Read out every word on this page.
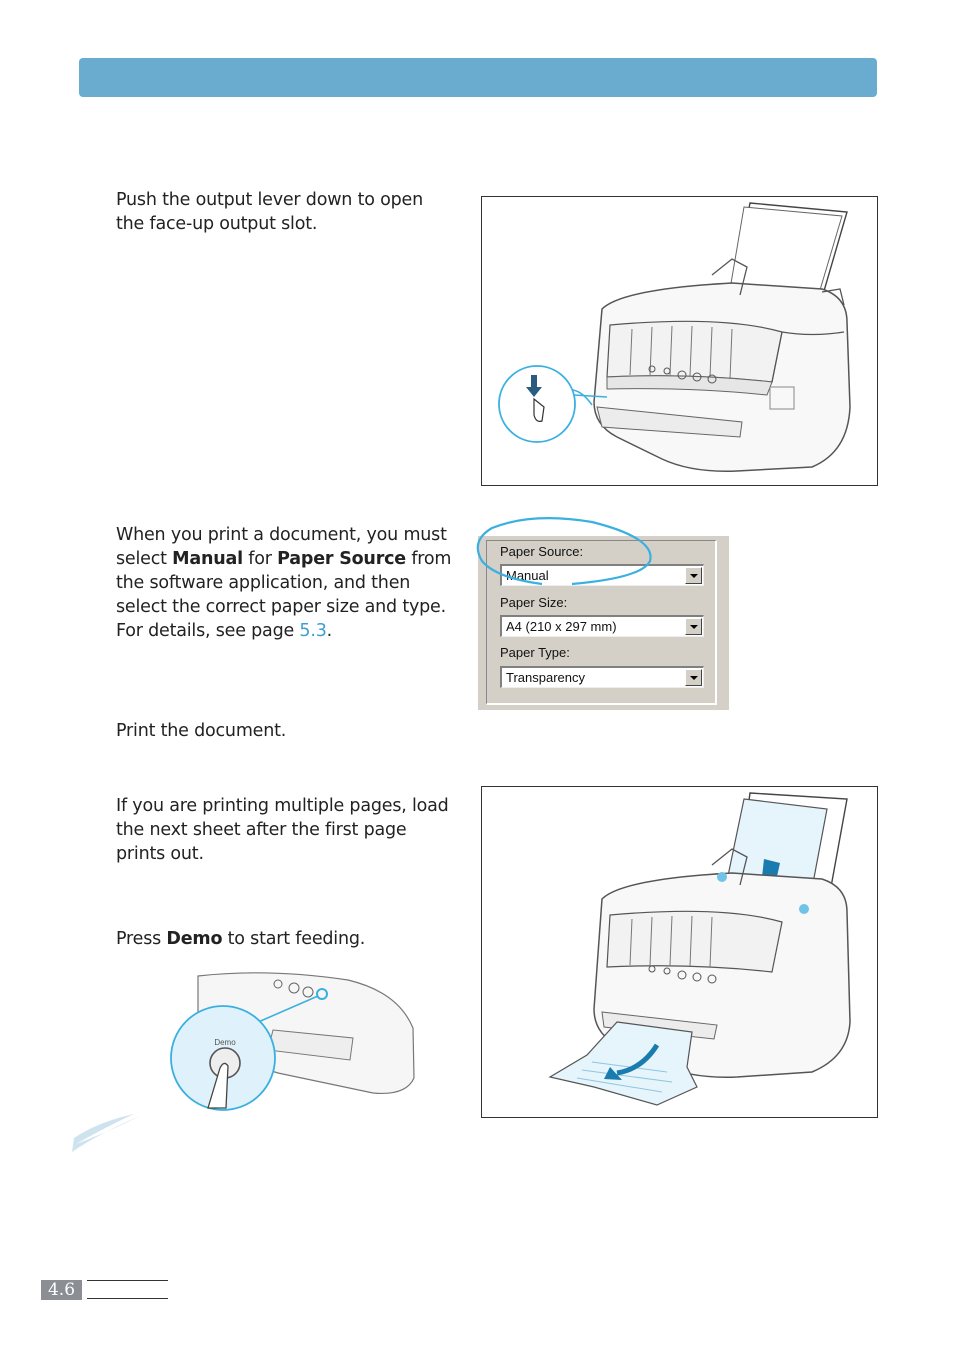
Push the output lever down to open the face-up output slot.
When you print a document, you must select Manual for Paper Source from the software application, and then select the correct paper size and type. For details, see page 5.3.
Paper Source:
Manual
Paper Size:
A4 (210 x 297 mm)
Paper Type:
Transparency
Print the document.
If you are printing multiple pages, load the next sheet after the first page prints out.
Press Demo to start feeding.
Demo
4.6
